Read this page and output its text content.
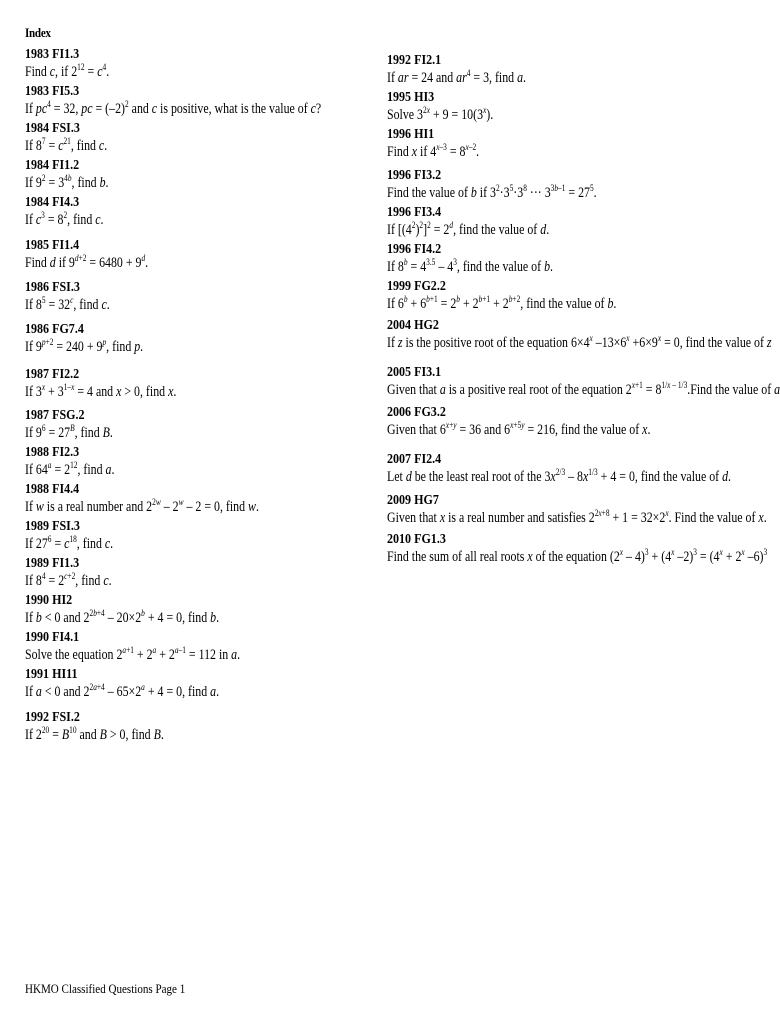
Index
1983 FI1.3
Find c, if $2^{12} = c^4$.
1983 FI5.3
If $pc^4 = 32$, pc = $(-2)^2$ and c is positive, what is the value of c?
1984 FSI.3
If $8^7 = c^{21}$, find c.
1984 FI1.2
If $9^2 = 3^{4b}$, find b.
1984 FI4.3
If $c^3 = 8^2$, find c.
1985 FI1.4
Find d if $9^{d+2} = 6480 + 9^d$.
1986 FSI.3
If $8^5 = 32^c$, find c.
1986 FG7.4
If $9^{p+2} = 240 + 9^p$, find p.
1987 FI2.2
If $3^x + 3^{1-x} = 4$ and x > 0, find x.
1987 FSG.2
If $9^6 = 27^B$, find B.
1988 FI2.3
If $64^a = 2^{12}$, find a.
1988 FI4.4
If w is a real number and $2^{2w} - 2^w - 2 = 0$, find w.
1989 FSI.3
If $27^6 = c^{18}$, find c.
1989 FI1.3
If $8^4 = 2^{c+2}$, find c.
1990 HI2
If b < 0 and $2^{2b+4} - 20\times 2^b + 4 = 0$, find b.
1990 FI4.1
Solve the equation $2^{a+1} + 2^a + 2^{a-1} = 112$ in a.
1991 HI11
If a < 0 and $2^{2a+4} - 65\times 2^a + 4 = 0$, find a.
1992 FSI.2
If $2^{20} = B^{10}$ and B > 0, find B.
1992 FI2.1
If ar = 24 and $ar^4 = 3$, find a.
1995 HI3
Solve $3^{2x} + 9 = 10(3^x)$.
1996 HI1
Find x if $4^{x-3} = 8^{x-2}$.
1996 FI3.2
Find the value of b if $3^2\cdot 3^5\cdot 3^8$ ··· $3^{3b-1} = 27^5$.
1996 FI3.4
If $[(4^2)^2]^2 = 2^d$, find the value of d.
1996 FI4.2
If $8^b = 4^{3.5} - 4^3$, find the value of b.
1999 FG2.2
If $6^b + 6^{b+1} = 2^b + 2^{b+1} + 2^{b+2}$, find the value of b.
2004 HG2
If z is the positive root of the equation $6\times 4^x$ $-13\times 6^x +6\times 9^x = 0$, find the value of z
2005 FI3.1
Given that a is a positive real root of the equation $2^{x+1}$ = $8^{1/x - 1/3}.Find$ the value of a
2006 FG3.2
Given that $6^{x+y} = 36$ and $6^{x+5y} = 216$, find the value of x.
2007 FI2.4
Let d be the least real root of the $3x^{2/3} - 8x^{1/3} + 4 = 0$, find the value of d.
2009 HG7
Given that x is a real number and satisfies $2^{2x+8} + 1 = 32\times 2^x$. Find the value of x.
2010 FG1.3
Find the sum of all real roots x of the equation $(2^x - 4)^3 + (4^x$ $-2)^3 = (4^x + 2^x$ –6)$^3$
HKMO Classified Questions Page 1
